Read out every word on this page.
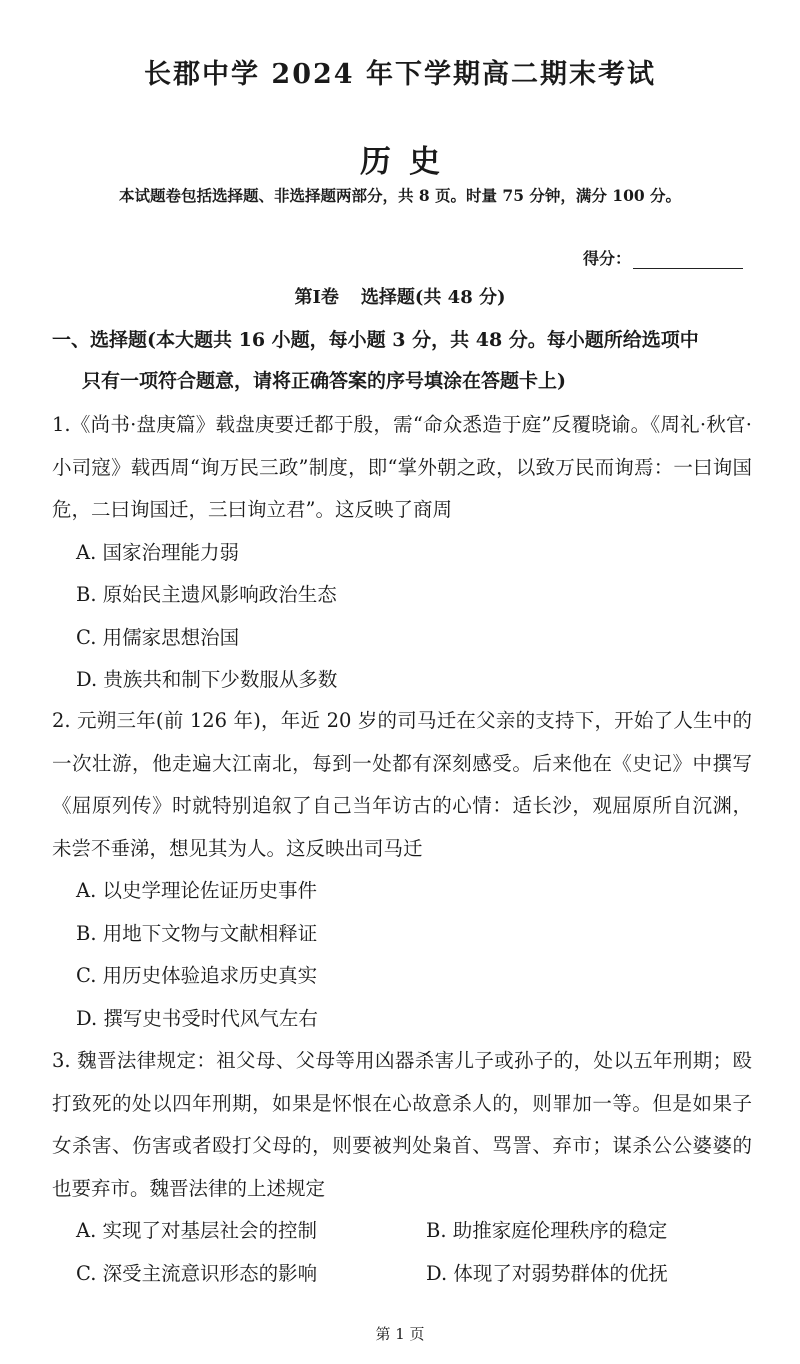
长郡中学 2024 年下学期高二期末考试
历史
本试题卷包括选择题、非选择题两部分，共 8 页。时量 75 分钟，满分 100 分。
得分：
第Ⅰ卷 选择题(共 48 分)
一、选择题(本大题共 16 小题，每小题 3 分，共 48 分。每小题所给选项中
只有一项符合题意，请将正确答案的序号填涂在答题卡上)
1.《尚书·盘庚篇》载盘庚要迁都于殷，需“命众悉造于庭”反覆晓谕。《周礼·秋官·小司寇》载西周“询万民三政”制度，即“掌外朝之政，以致万民而询焉：一曰询国危，二曰询国迁，三曰询立君”。这反映了商周
A. 国家治理能力弱
B. 原始民主遗风影响政治生态
C. 用儒家思想治国
D. 贵族共和制下少数服从多数
2. 元朔三年(前 126 年)，年近 20 岁的司马迁在父亲的支持下，开始了人生中的一次壮游，他走遍大江南北，每到一处都有深刻感受。后来他在《史记》中撰写《屈原列传》时就特别追叙了自己当年访古的心情：适长沙，观屈原所自沉渊，未尝不垂涕，想见其为人。这反映出司马迁
A. 以史学理论佐证历史事件
B. 用地下文物与文献相释证
C. 用历史体验追求历史真实
D. 撰写史书受时代风气左右
3. 魏晋法律规定：祖父母、父母等用凶器杀害儿子或孙子的，处以五年刑期；殴打致死的处以四年刑期，如果是怀恨在心故意杀人的，则罪加一等。但是如果子女杀害、伤害或者殴打父母的，则要被判处枭首、骂詈、弃市；谋杀公公婆婆的也要弃市。魏晋法律的上述规定
A. 实现了对基层社会的控制	B. 助推家庭伦理秩序的稳定
C. 深受主流意识形态的影响	D. 体现了对弱势群体的优抚
第 1 页
